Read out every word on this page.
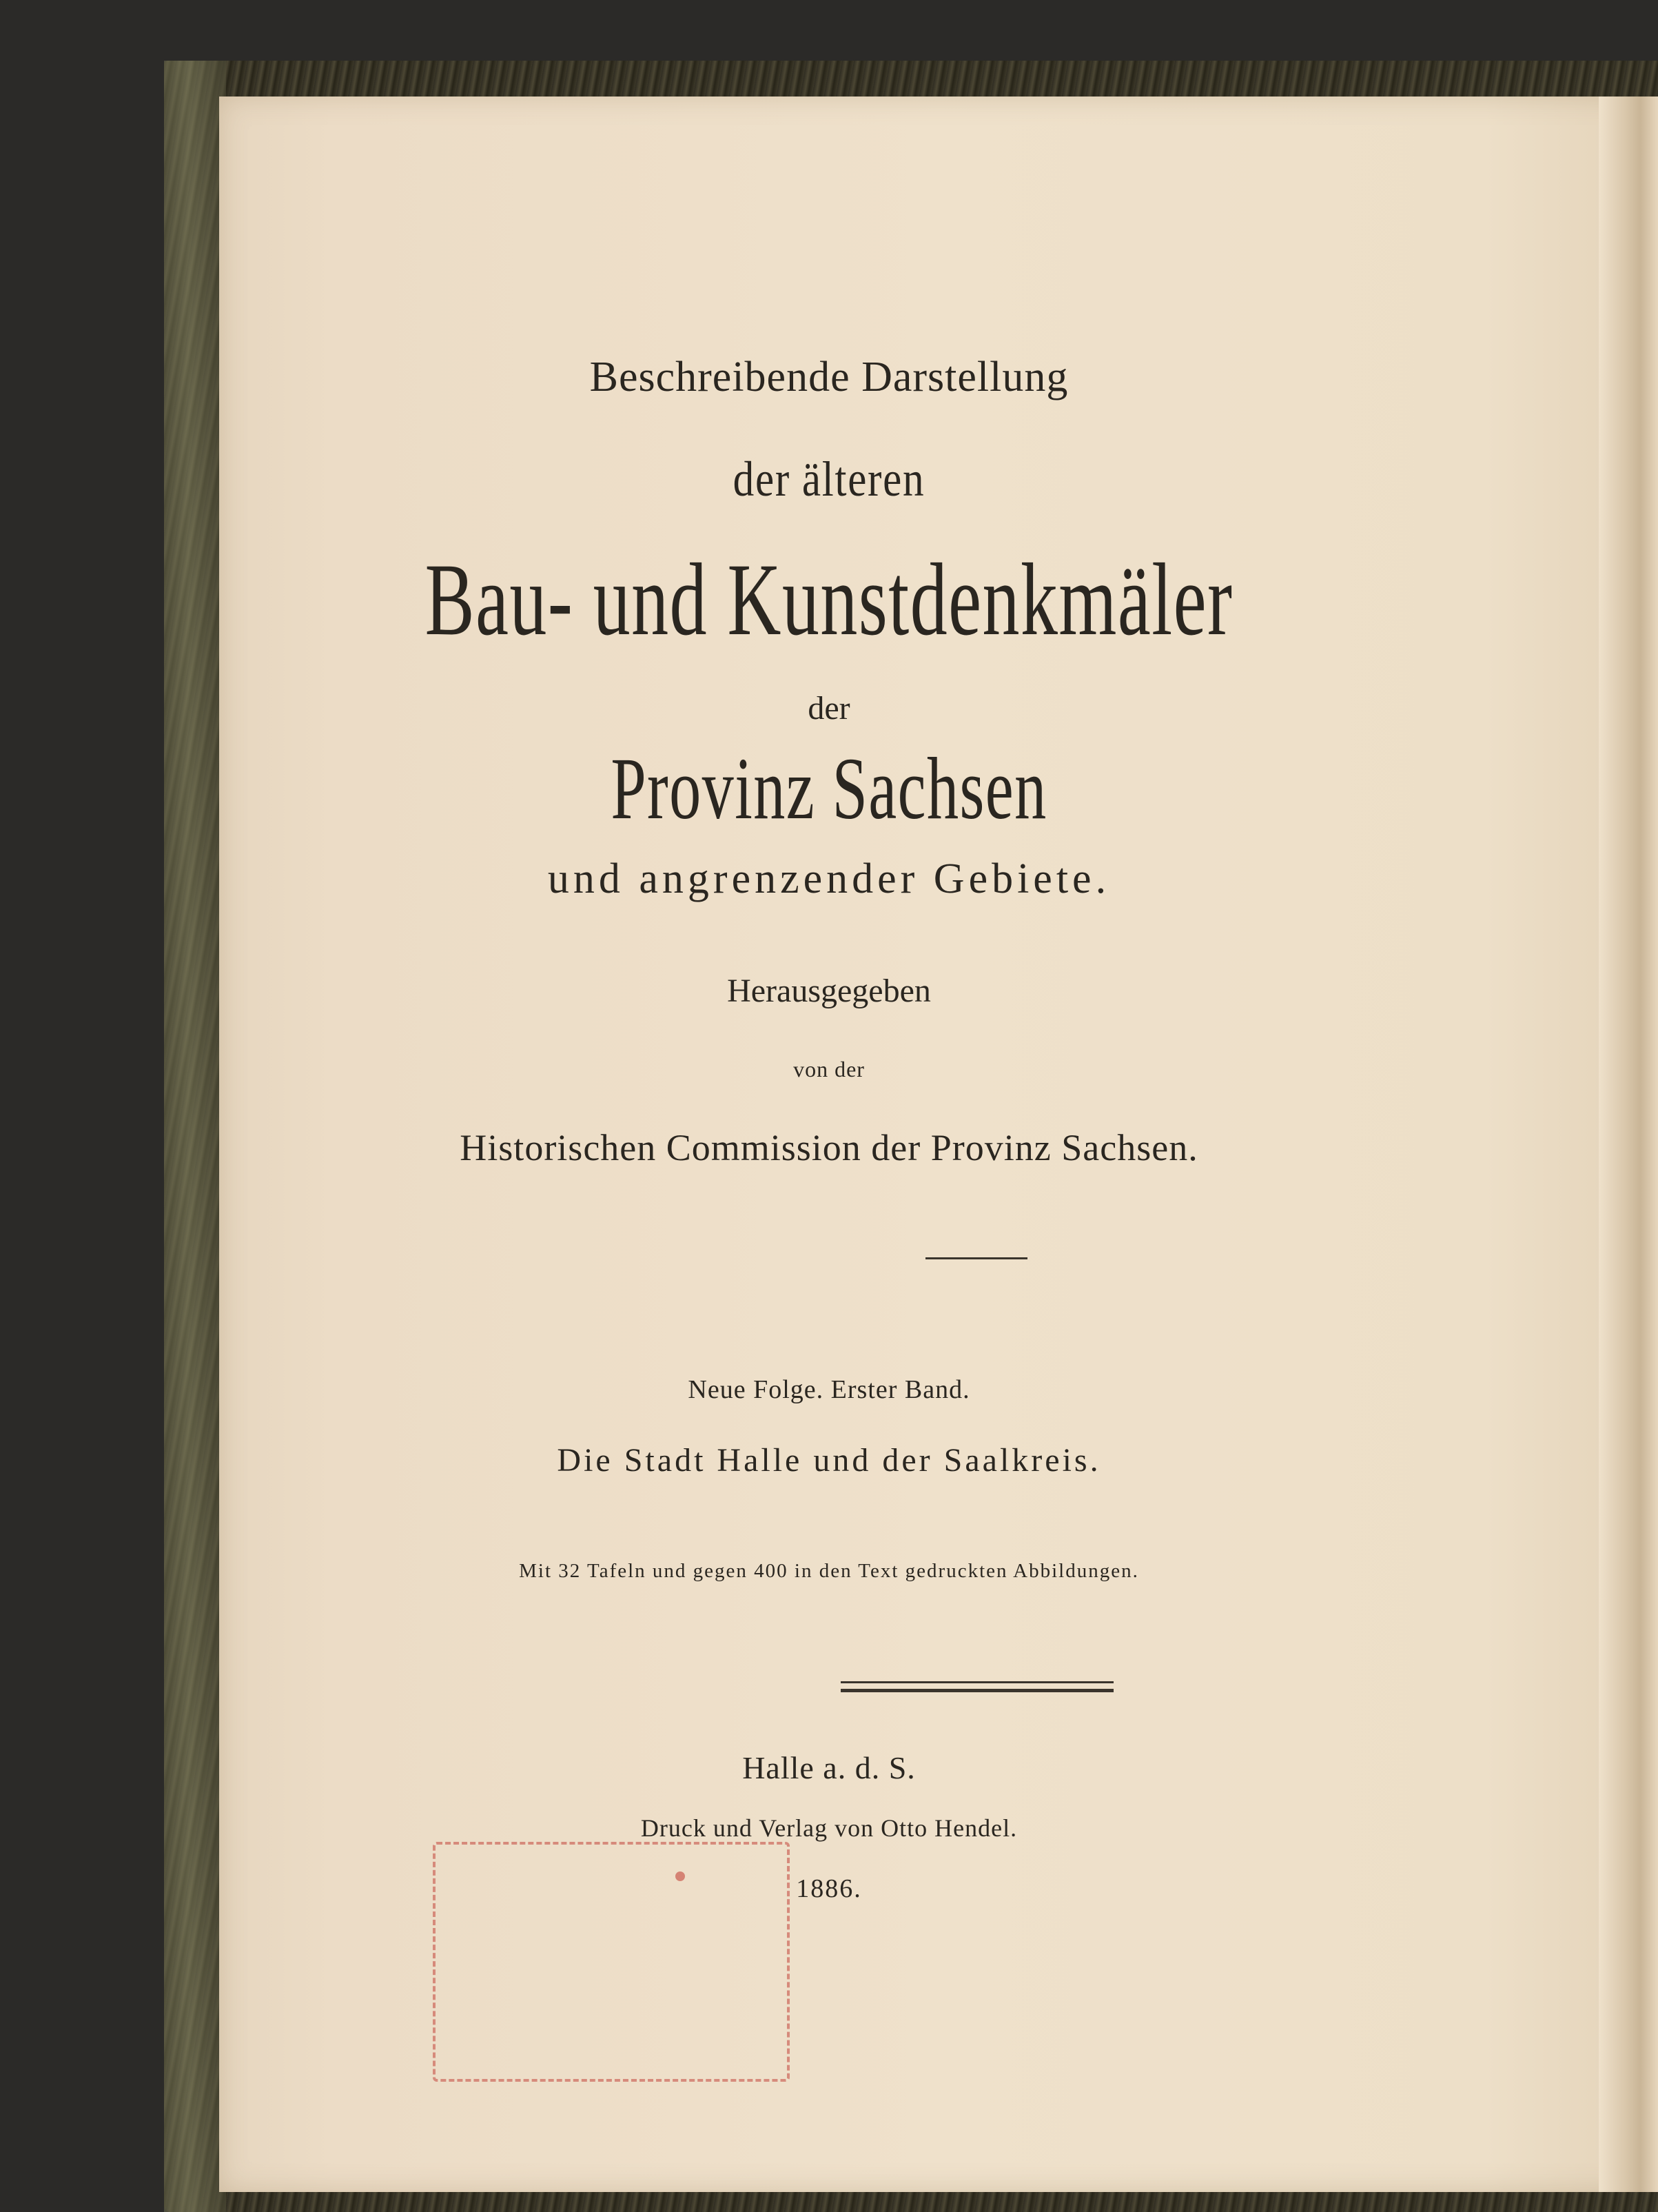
Beschreibende Darstellung
der älteren
Bau- und Kunstdenkmäler
der
Provinz Sachsen
und angrenzender Gebiete.
Herausgegeben
von der
Historischen Commission der Provinz Sachsen.
Neue Folge. Erster Band.
Die Stadt Halle und der Saalkreis.
Mit 32 Tafeln und gegen 400 in den Text gedruckten Abbildungen.
Halle a. d. S.
Druck und Verlag von Otto Hendel.
1886.
